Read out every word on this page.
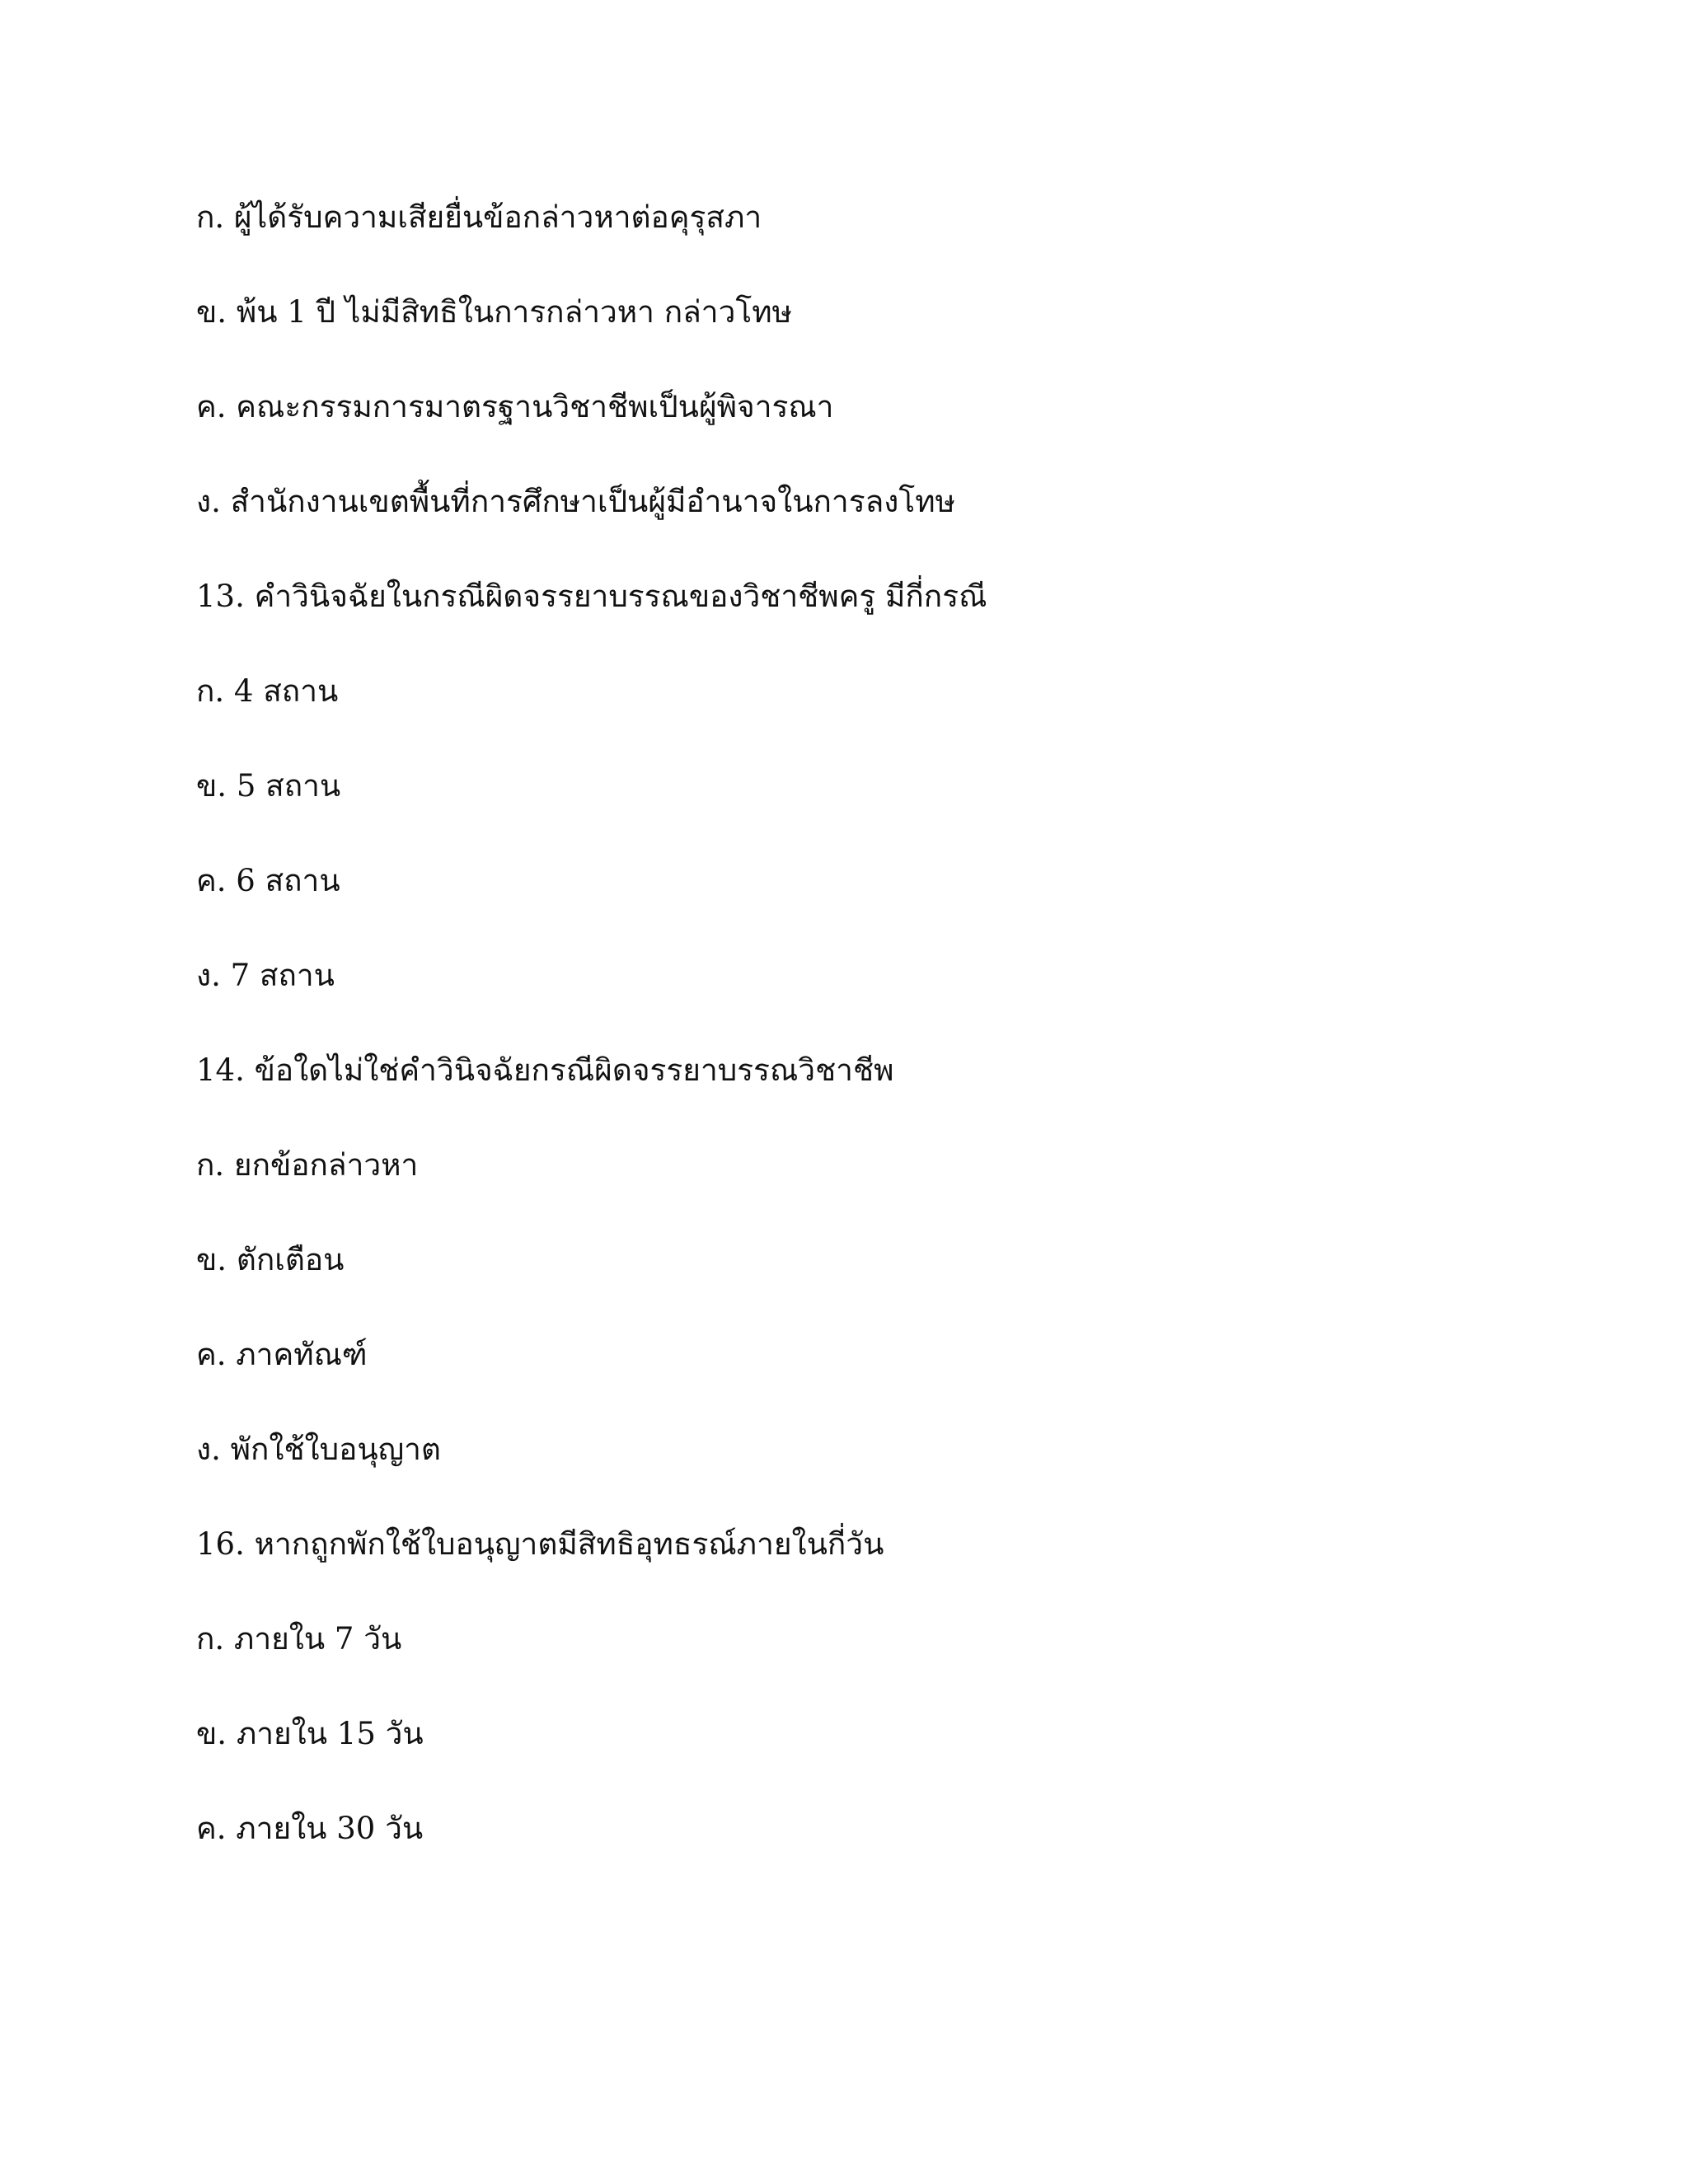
ก. ผู้ได้รับความเสียยื่นข้อกล่าวหาต่อคุรุสภา
ข. พ้น 1 ปี ไม่มีสิทธิในการกล่าวหา กล่าวโทษ
ค. คณะกรรมการมาตรฐานวิชาชีพเป็นผู้พิจารณา
ง. สำนักงานเขตพื้นที่การศึกษาเป็นผู้มีอำนาจในการลงโทษ
13. คำวินิจฉัยในกรณีผิดจรรยาบรรณของวิชาชีพครู มีกี่กรณี
ก. 4 สถาน
ข. 5 สถาน
ค. 6 สถาน
ง. 7 สถาน
14. ข้อใดไม่ใช่คำวินิจฉัยกรณีผิดจรรยาบรรณวิชาชีพ
ก. ยกข้อกล่าวหา
ข. ตักเตือน
ค. ภาคทัณฑ์
ง. พักใช้ใบอนุญาต
16. หากถูกพักใช้ใบอนุญาตมีสิทธิอุทธรณ์ภายในกี่วัน
ก. ภายใน 7 วัน
ข. ภายใน 15 วัน
ค. ภายใน 30 วัน
